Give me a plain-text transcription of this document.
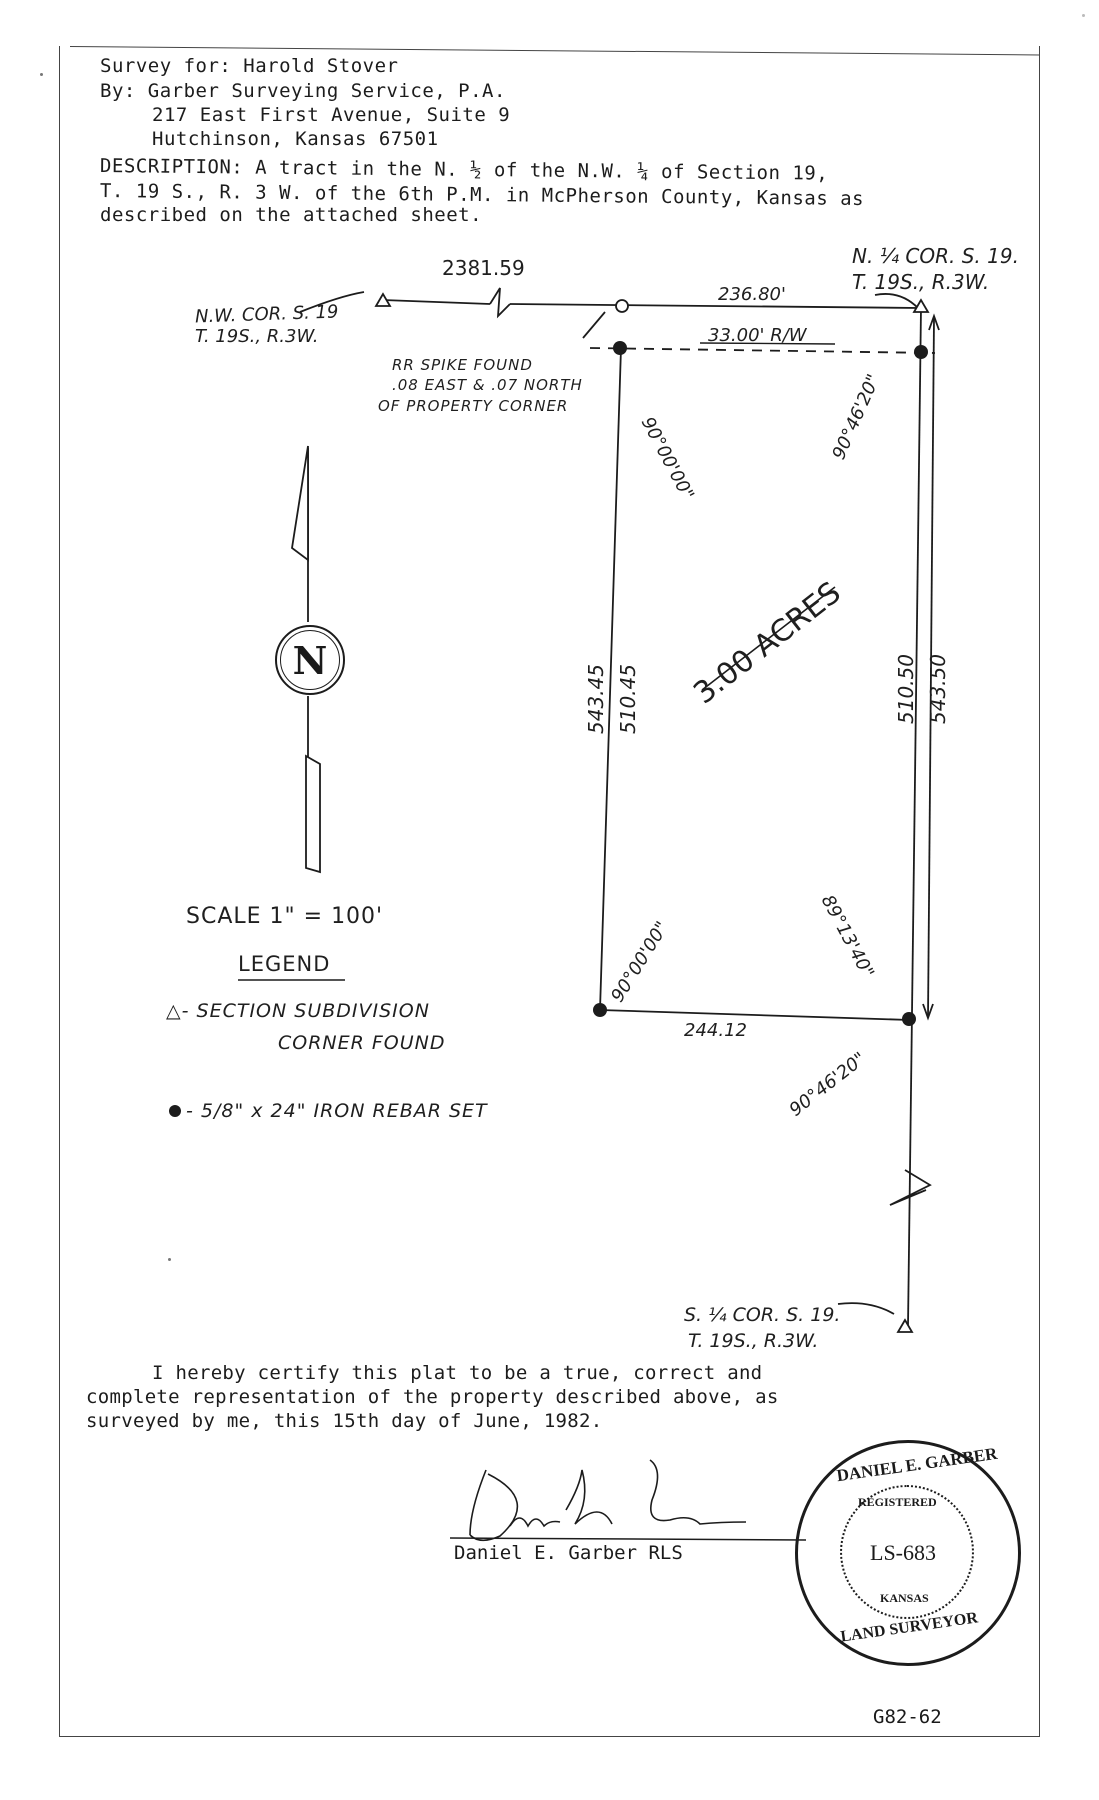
Survey for: Harold Stover
By: Garber Surveying Service, P.A.
217 East First Avenue, Suite 9
Hutchinson, Kansas 67501
DESCRIPTION: A tract in the N. ½ of the N.W. ¼ of Section 19,
T. 19 S., R. 3 W. of the 6th P.M. in McPherson County, Kansas as
described on the attached sheet.
2381.59
236.80'
N.W. COR. S. 19
T. 19S., R.3W.
N. ¼ COR. S. 19.
T. 19S., R.3W.
33.00' R/W
RR SPIKE FOUND
.08 EAST & .07 NORTH
OF PROPERTY CORNER
90°00'00"	90°46'20"
3.00 ACRES
543.45 510.45	510.50 543.50
90°00'00"	89°13'40"
244.12
90°46'20"
S. ¼ COR. S. 19.
T. 19S., R.3W.
N
SCALE 1" = 100'
LEGEND
△- SECTION SUBDIVISION
CORNER FOUND
- 5/8" x 24" IRON REBAR SET
I hereby certify this plat to be a true, correct and
complete representation of the property described above, as
surveyed by me, this 15th day of June, 1982.
Daniel E. Garber RLS
DANIEL E. GARBER
REGISTERED
LS-683
KANSAS
LAND SURVEYOR
G82-62
